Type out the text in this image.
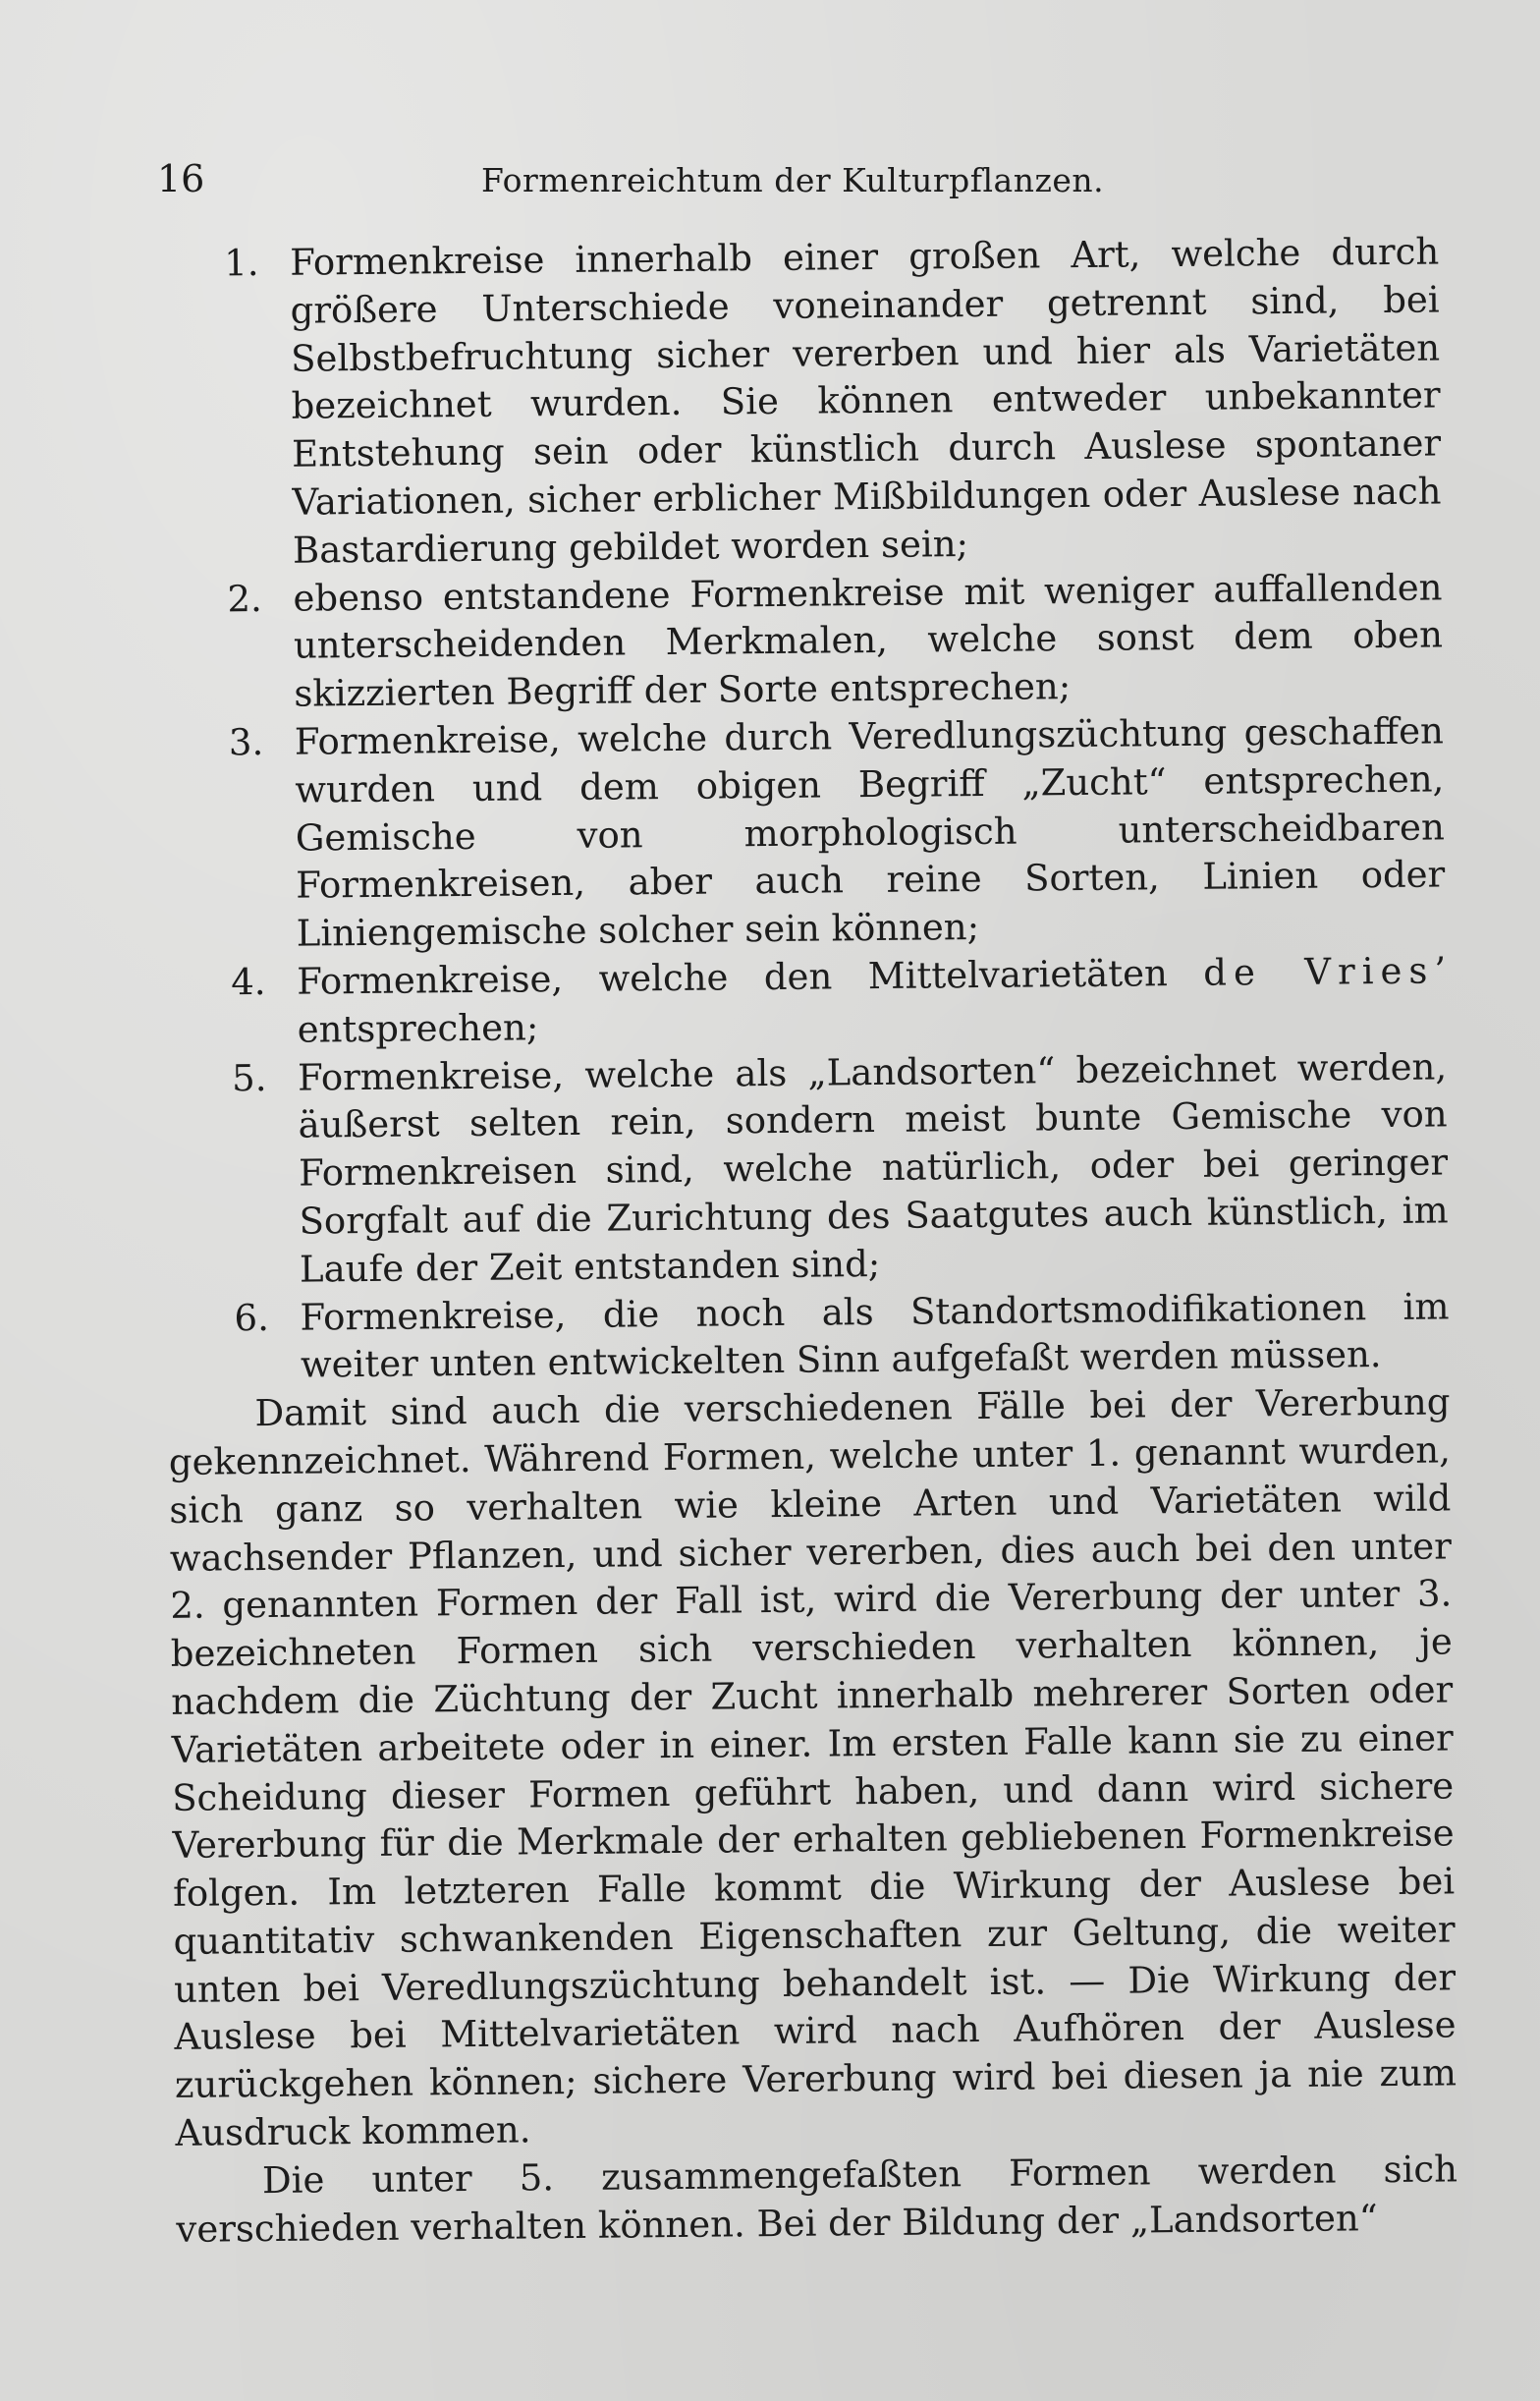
16	Formenreichtum der Kulturpflanzen.
1. Formenkreise innerhalb einer großen Art, welche durch größere Unterschiede voneinander getrennt sind, bei Selbstbefruchtung sicher vererben und hier als Varietäten bezeichnet wurden. Sie können entweder unbekannter Entstehung sein oder künstlich durch Auslese spontaner Variationen, sicher erblicher Mißbildungen oder Auslese nach Bastardierung gebildet worden sein;
2. ebenso entstandene Formenkreise mit weniger auffallenden unterscheidenden Merkmalen, welche sonst dem oben skizzierten Begriff der Sorte entsprechen;
3. Formenkreise, welche durch Veredlungszüchtung geschaffen wurden und dem obigen Begriff „Zucht“ entsprechen, Gemische von morphologisch unterscheidbaren Formenkreisen, aber auch reine Sorten, Linien oder Liniengemische solcher sein können;
4. Formenkreise, welche den Mittelvarietäten de Vries’ entsprechen;
5. Formenkreise, welche als „Landsorten“ bezeichnet werden, äußerst selten rein, sondern meist bunte Gemische von Formenkreisen sind, welche natürlich, oder bei geringer Sorgfalt auf die Zurichtung des Saatgutes auch künstlich, im Laufe der Zeit entstanden sind;
6. Formenkreise, die noch als Standortsmodifikationen im weiter unten entwickelten Sinn aufgefaßt werden müssen.

Damit sind auch die verschiedenen Fälle bei der Vererbung gekennzeichnet. Während Formen, welche unter 1. genannt wurden, sich ganz so verhalten wie kleine Arten und Varietäten wild wachsender Pflanzen, und sicher vererben, dies auch bei den unter 2. genannten Formen der Fall ist, wird die Vererbung der unter 3. bezeichneten Formen sich verschieden verhalten können, je nachdem die Züchtung der Zucht innerhalb mehrerer Sorten oder Varietäten arbeitete oder in einer. Im ersten Falle kann sie zu einer Scheidung dieser Formen geführt haben, und dann wird sichere Vererbung für die Merkmale der erhalten gebliebenen Formenkreise folgen. Im letzteren Falle kommt die Wirkung der Auslese bei quantitativ schwankenden Eigenschaften zur Geltung, die weiter unten bei Veredlungszüchtung behandelt ist. — Die Wirkung der Auslese bei Mittelvarietäten wird nach Aufhören der Auslese zurückgehen können; sichere Vererbung wird bei diesen ja nie zum Ausdruck kommen.

Die unter 5. zusammengefaßten Formen werden sich verschieden verhalten können. Bei der Bildung der „Landsorten“
